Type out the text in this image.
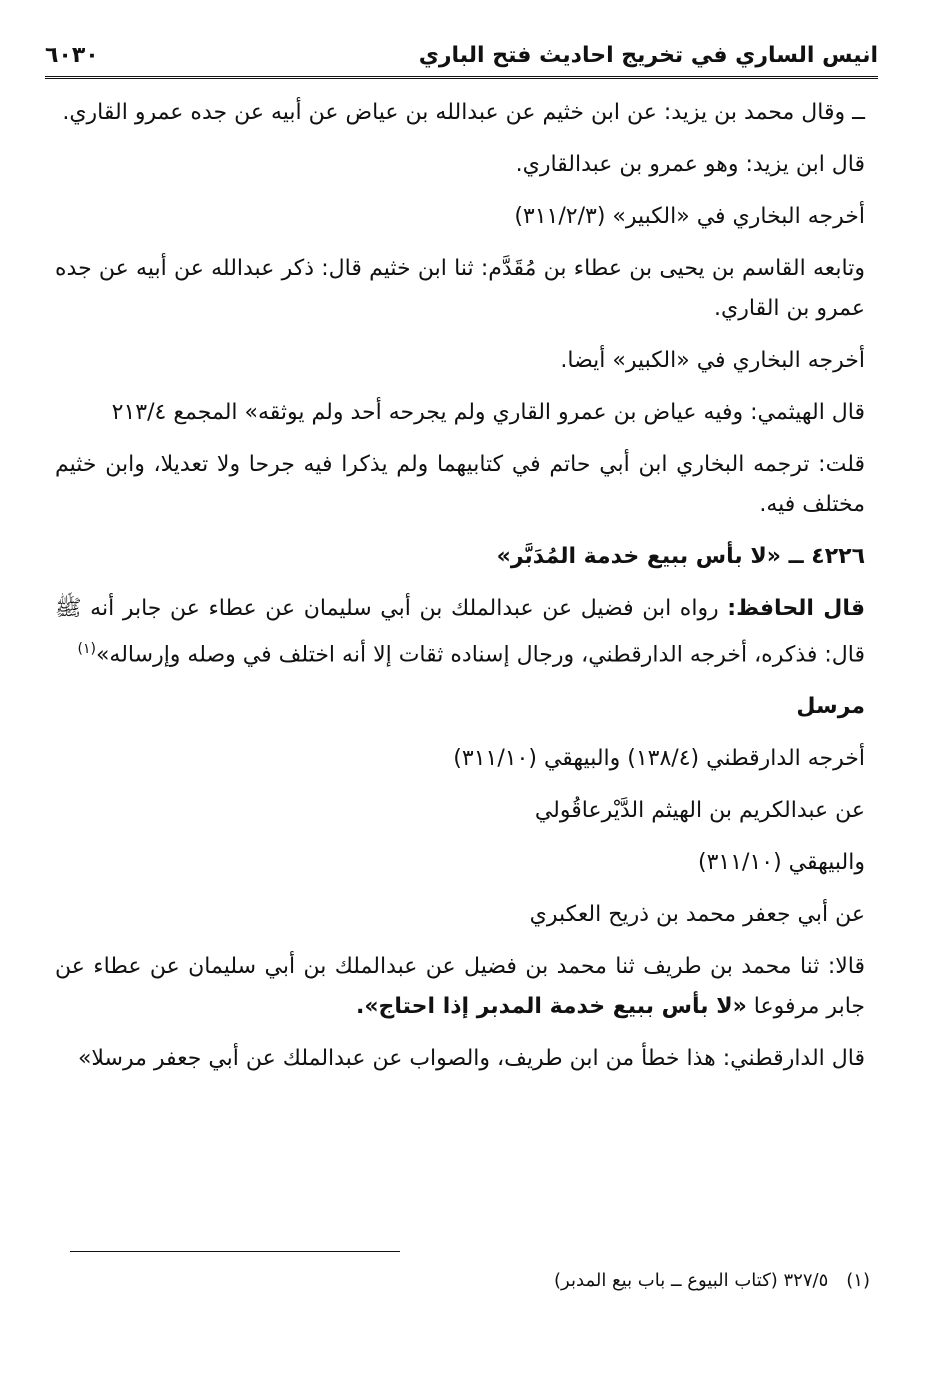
انيس الساري في تخريج احاديث فتح الباري
٦٠٣٠

ــ وقال محمد بن يزيد: عن ابن خثيم عن عبدالله بن عياض عن أبيه عن جده عمرو القاري.

قال ابن يزيد: وهو عمرو بن عبدالقاري.

أخرجه البخاري في «الكبير» (٣١١/٢/٣)

وتابعه القاسم بن يحيى بن عطاء بن مُقَدَّم: ثنا ابن خثيم قال: ذكر عبدالله عن أبيه عن جده عمرو بن القاري.

أخرجه البخاري في «الكبير» أيضا.

قال الهيثمي: وفيه عياض بن عمرو القاري ولم يجرحه أحد ولم يوثقه» المجمع ٢١٣/٤

قلت: ترجمه البخاري ابن أبي حاتم في كتابيهما ولم يذكرا فيه جرحا ولا تعديلا، وابن خثيم مختلف فيه.

٤٢٢٦ ــ «لا بأس ببيع خدمة المُدَبَّر»

قال الحافظ: رواه ابن فضيل عن عبدالملك بن أبي سليمان عن عطاء عن جابر أنه ﷺ قال: فذكره، أخرجه الدارقطني، ورجال إسناده ثقات إلا أنه اختلف في وصله وإرساله»$^{(١)}$

مرسل

أخرجه الدارقطني (١٣٨/٤) والبيهقي (٣١١/١٠)

عن عبدالكريم بن الهيثم الدَّيْرعاقُولي

والبيهقي (٣١١/١٠)

عن أبي جعفر محمد بن ذريح العكبري

قالا: ثنا محمد بن طريف ثنا محمد بن فضيل عن عبدالملك بن أبي سليمان عن عطاء عن جابر مرفوعا «لا بأس ببيع خدمة المدبر إذا احتاج».

قال الدارقطني: هذا خطأ من ابن طريف، والصواب عن عبدالملك عن أبي جعفر مرسلا»

(١)٣٢٧/٥ (كتاب البيوع ــ باب بيع المدبر)
